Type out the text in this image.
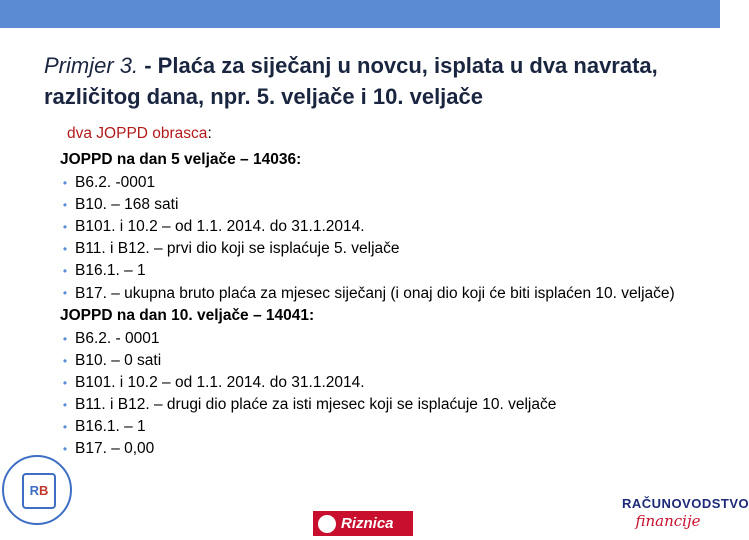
Primjer 3. - Plaća za siječanj u novcu, isplata u dva navrata, različitog dana, npr. 5. veljače i 10. veljače
dva JOPPD obrasca:
JOPPD na dan 5 veljače – 14036:
• B6.2. -0001
• B10. – 168 sati
• B101. i 10.2 – od 1.1. 2014. do 31.1.2014.
• B11. i B12. – prvi dio koji se isplaćuje 5. veljače
• B16.1. – 1
• B17. – ukupna bruto plaća za mjesec siječanj (i onaj dio koji će biti isplaćen 10. veljače)
JOPPD na dan 10. veljače – 14041:
• B6.2. - 0001
• B10. – 0 sati
• B101. i 10.2 – od 1.1. 2014. do 31.1.2014.
• B11. i B12. – drugi dio plaće za isti mjesec koji se isplaćuje 10. veljače
• B16.1. – 1
• B17. – 0,00
RB
Riznica
RAČUNOVODSTVO
financije
